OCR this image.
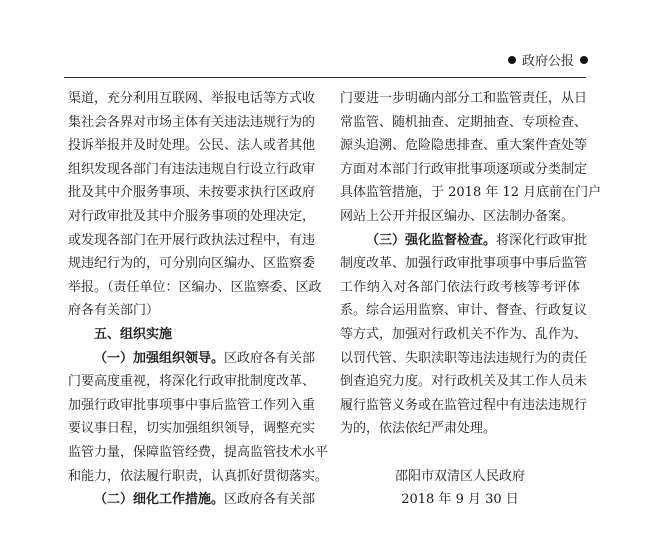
政府公报
渠道，充分利用互联网、举报电话等方式收
集社会各界对市场主体有关违法违规行为的
投诉举报并及时处理。公民、法人或者其他
组织发现各部门有违法违规自行设立行政审
批及其中介服务事项、未按要求执行区政府
对行政审批及其中介服务事项的处理决定，
或发现各部门在开展行政执法过程中，有违
规违纪行为的，可分别向区编办、区监察委
举报。（责任单位：区编办、区监察委、区政
府各有关部门）
五、组织实施
（一）加强组织领导。区政府各有关部
门要高度重视，将深化行政审批制度改革、
加强行政审批事项事中事后监管工作列入重
要议事日程，切实加强组织领导，调整充实
监管力量，保障监管经费，提高监管技术水平
和能力，依法履行职责，认真抓好贯彻落实。
（二）细化工作措施。区政府各有关部
门要进一步明确内部分工和监管责任，从日
常监管、随机抽查、定期抽查、专项检查、
源头追溯、危险隐患排查、重大案件查处等
方面对本部门行政审批事项逐项或分类制定
具体监管措施，于 2018 年 12 月底前在门户
网站上公开并报区编办、区法制办备案。
（三）强化监督检查。将深化行政审批
制度改革、加强行政审批事项事中事后监管
工作纳入对各部门依法行政考核等考评体
系。综合运用监察、审计、督查、行政复议
等方式，加强对行政机关不作为、乱作为、
以罚代管、失职渎职等违法违规行为的责任
倒查追究力度。对行政机关及其工作人员未
履行监管义务或在监管过程中有违法违规行
为的，依法依纪严肃处理。
邵阳市双清区人民政府
2018 年 9 月 30 日
